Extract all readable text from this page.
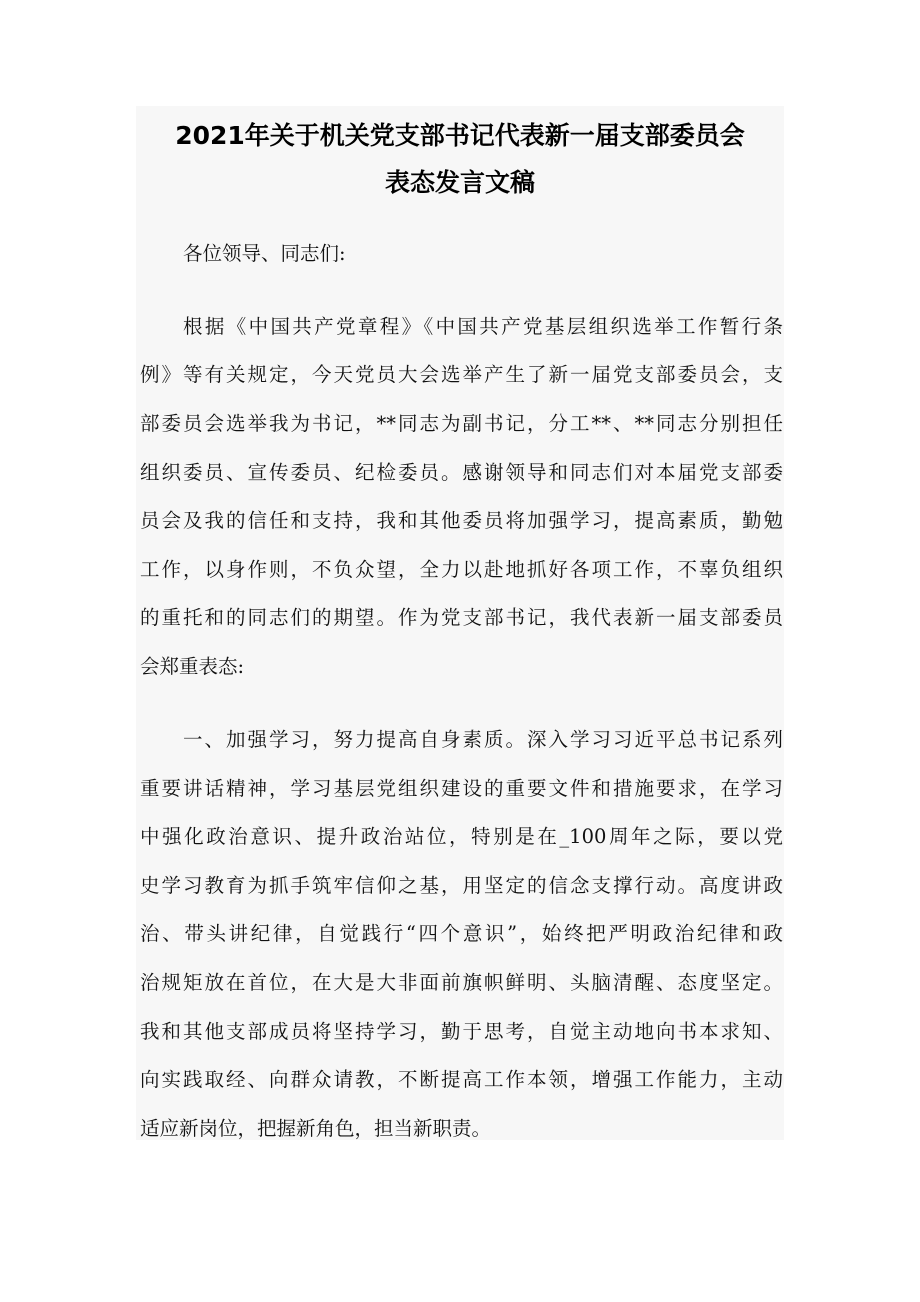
2021年关于机关党支部书记代表新一届支部委员会
表态发言文稿
各位领导、同志们:
根据《中国共产党章程》《中国共产党基层组织选举工作暂行条
例》等有关规定，今天党员大会选举产生了新一届党支部委员会，支
部委员会选举我为书记，**同志为副书记，分工**、**同志分别担任
组织委员、宣传委员、纪检委员。感谢领导和同志们对本届党支部委
员会及我的信任和支持，我和其他委员将加强学习，提高素质，勤勉
工作，以身作则，不负众望，全力以赴地抓好各项工作，不辜负组织
的重托和的同志们的期望。作为党支部书记，我代表新一届支部委员
会郑重表态:
一、加强学习，努力提高自身素质。深入学习习近平总书记系列
重要讲话精神，学习基层党组织建设的重要文件和措施要求，在学习
中强化政治意识、提升政治站位，特别是在_100周年之际，要以党
史学习教育为抓手筑牢信仰之基，用坚定的信念支撑行动。高度讲政
治、带头讲纪律，自觉践行“四个意识”，始终把严明政治纪律和政
治规矩放在首位，在大是大非面前旗帜鲜明、头脑清醒、态度坚定。
我和其他支部成员将坚持学习，勤于思考，自觉主动地向书本求知、
向实践取经、向群众请教，不断提高工作本领，增强工作能力，主动
适应新岗位，把握新角色，担当新职责。
